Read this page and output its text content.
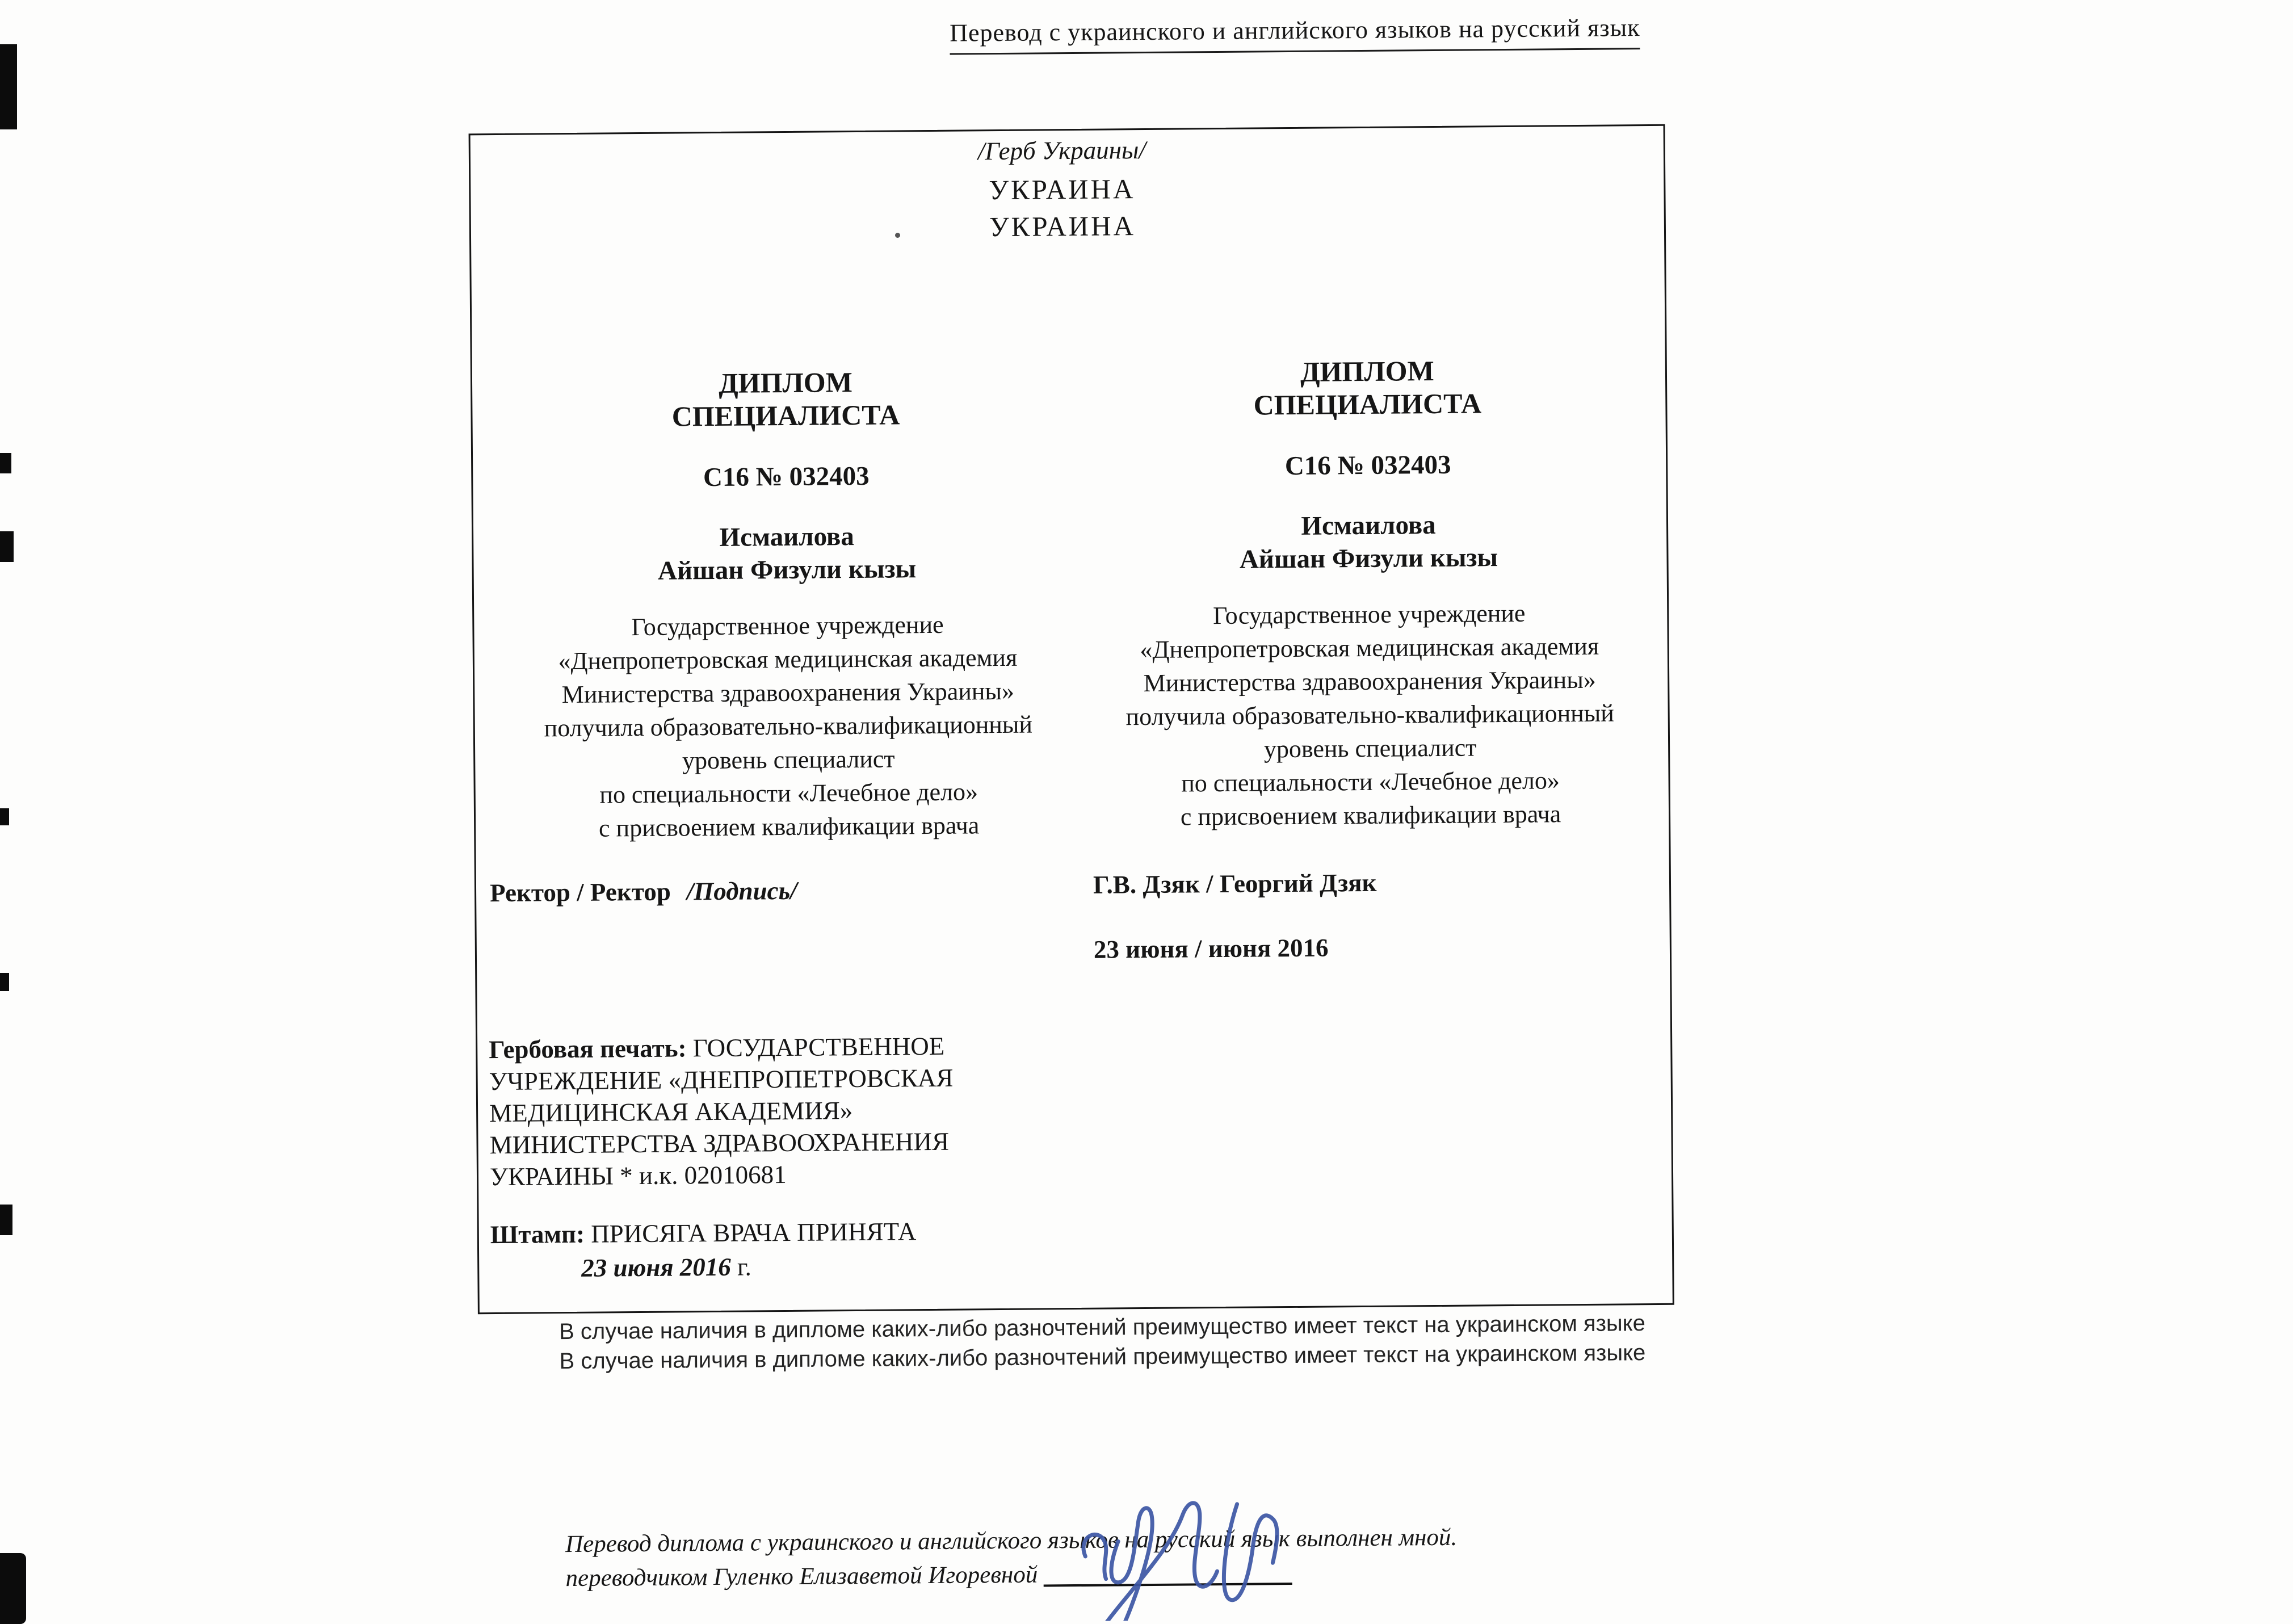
Перевод с украинского и английского языков на русский язык
/Герб Украины/
УКРАИНА
УКРАИНА
ДИПЛОМ
СПЕЦИАЛИСТА
С16 № 032403
Исмаилова
Айшан Физули кызы
Государственное учреждение
«Днепропетровская медицинская академия
Министерства здравоохранения Украины»
получила образовательно-квалификационный
уровень специалист
по специальности «Лечебное дело»
с присвоением квалификации врача
ДИПЛОМ
СПЕЦИАЛИСТА
С16 № 032403
Исмаилова
Айшан Физули кызы
Государственное учреждение
«Днепропетровская медицинская академия
Министерства здравоохранения Украины»
получила образовательно-квалификационный
уровень специалист
по специальности «Лечебное дело»
с присвоением квалификации врача
Ректор / Ректор /Подпись/	Г.В. Дзяк / Георгий Дзяк
23 июня / июня 2016
Гербовая печать: ГОСУДАРСТВЕННОЕ
УЧРЕЖДЕНИЕ «ДНЕПРОПЕТРОВСКАЯ
МЕДИЦИНСКАЯ АКАДЕМИЯ»
МИНИСТЕРСТВА ЗДРАВООХРАНЕНИЯ
УКРАИНЫ * и.к. 02010681
Штамп: ПРИСЯГА ВРАЧА ПРИНЯТА
23 июня 2016 г.
В случае наличия в дипломе каких-либо разночтений преимущество имеет текст на украинском языке
В случае наличия в дипломе каких-либо разночтений преимущество имеет текст на украинском языке
Перевод диплома с украинского и английского языков на русский язык выполнен мной.
переводчиком Гуленко Елизаветой Игоревной
